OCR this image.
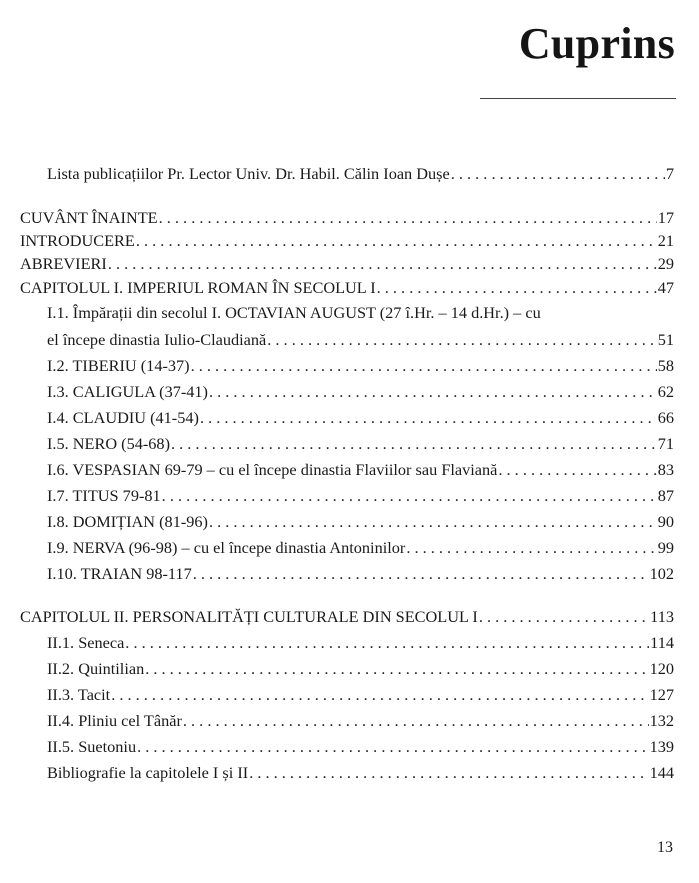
Cuprins
Lista publicațiilor Pr. Lector Univ. Dr. Habil. Călin Ioan Dușe . . .	7
CUVÂNT ÎNAINTE . . .	17
INTRODUCERE . . .	21
ABREVIERI . . .	29
CAPITOLUL I. IMPERIUL ROMAN ÎN SECOLUL I . . .	47
I.1. Împărații din secolul I. OCTAVIAN AUGUST (27 î.Hr. – 14 d.Hr.) – cu
el începe dinastia Iulio-Claudiană . . .	51
I.2. TIBERIU (14-37) . . .	58
I.3. CALIGULA (37-41) . . .	62
I.4. CLAUDIU (41-54) . . .	66
I.5. NERO (54-68) . . .	71
I.6. VESPASIAN 69-79 – cu el începe dinastia Flaviilor sau Flaviană . . .	83
I.7. TITUS 79-81 . . .	87
I.8. DOMIȚIAN (81-96) . . .	90
I.9. NERVA (96-98) – cu el începe dinastia Antoninilor . . .	99
I.10. TRAIAN 98-117 . . .	102
CAPITOLUL II. PERSONALITĂȚI CULTURALE DIN SECOLUL I . . .	113
II.1. Seneca . . .	114
II.2. Quintilian . . .	120
II.3. Tacit . . .	127
II.4. Pliniu cel Tânăr . . .	132
II.5. Suetoniu . . .	139
Bibliografie la capitolele I și II . . .	144
13
